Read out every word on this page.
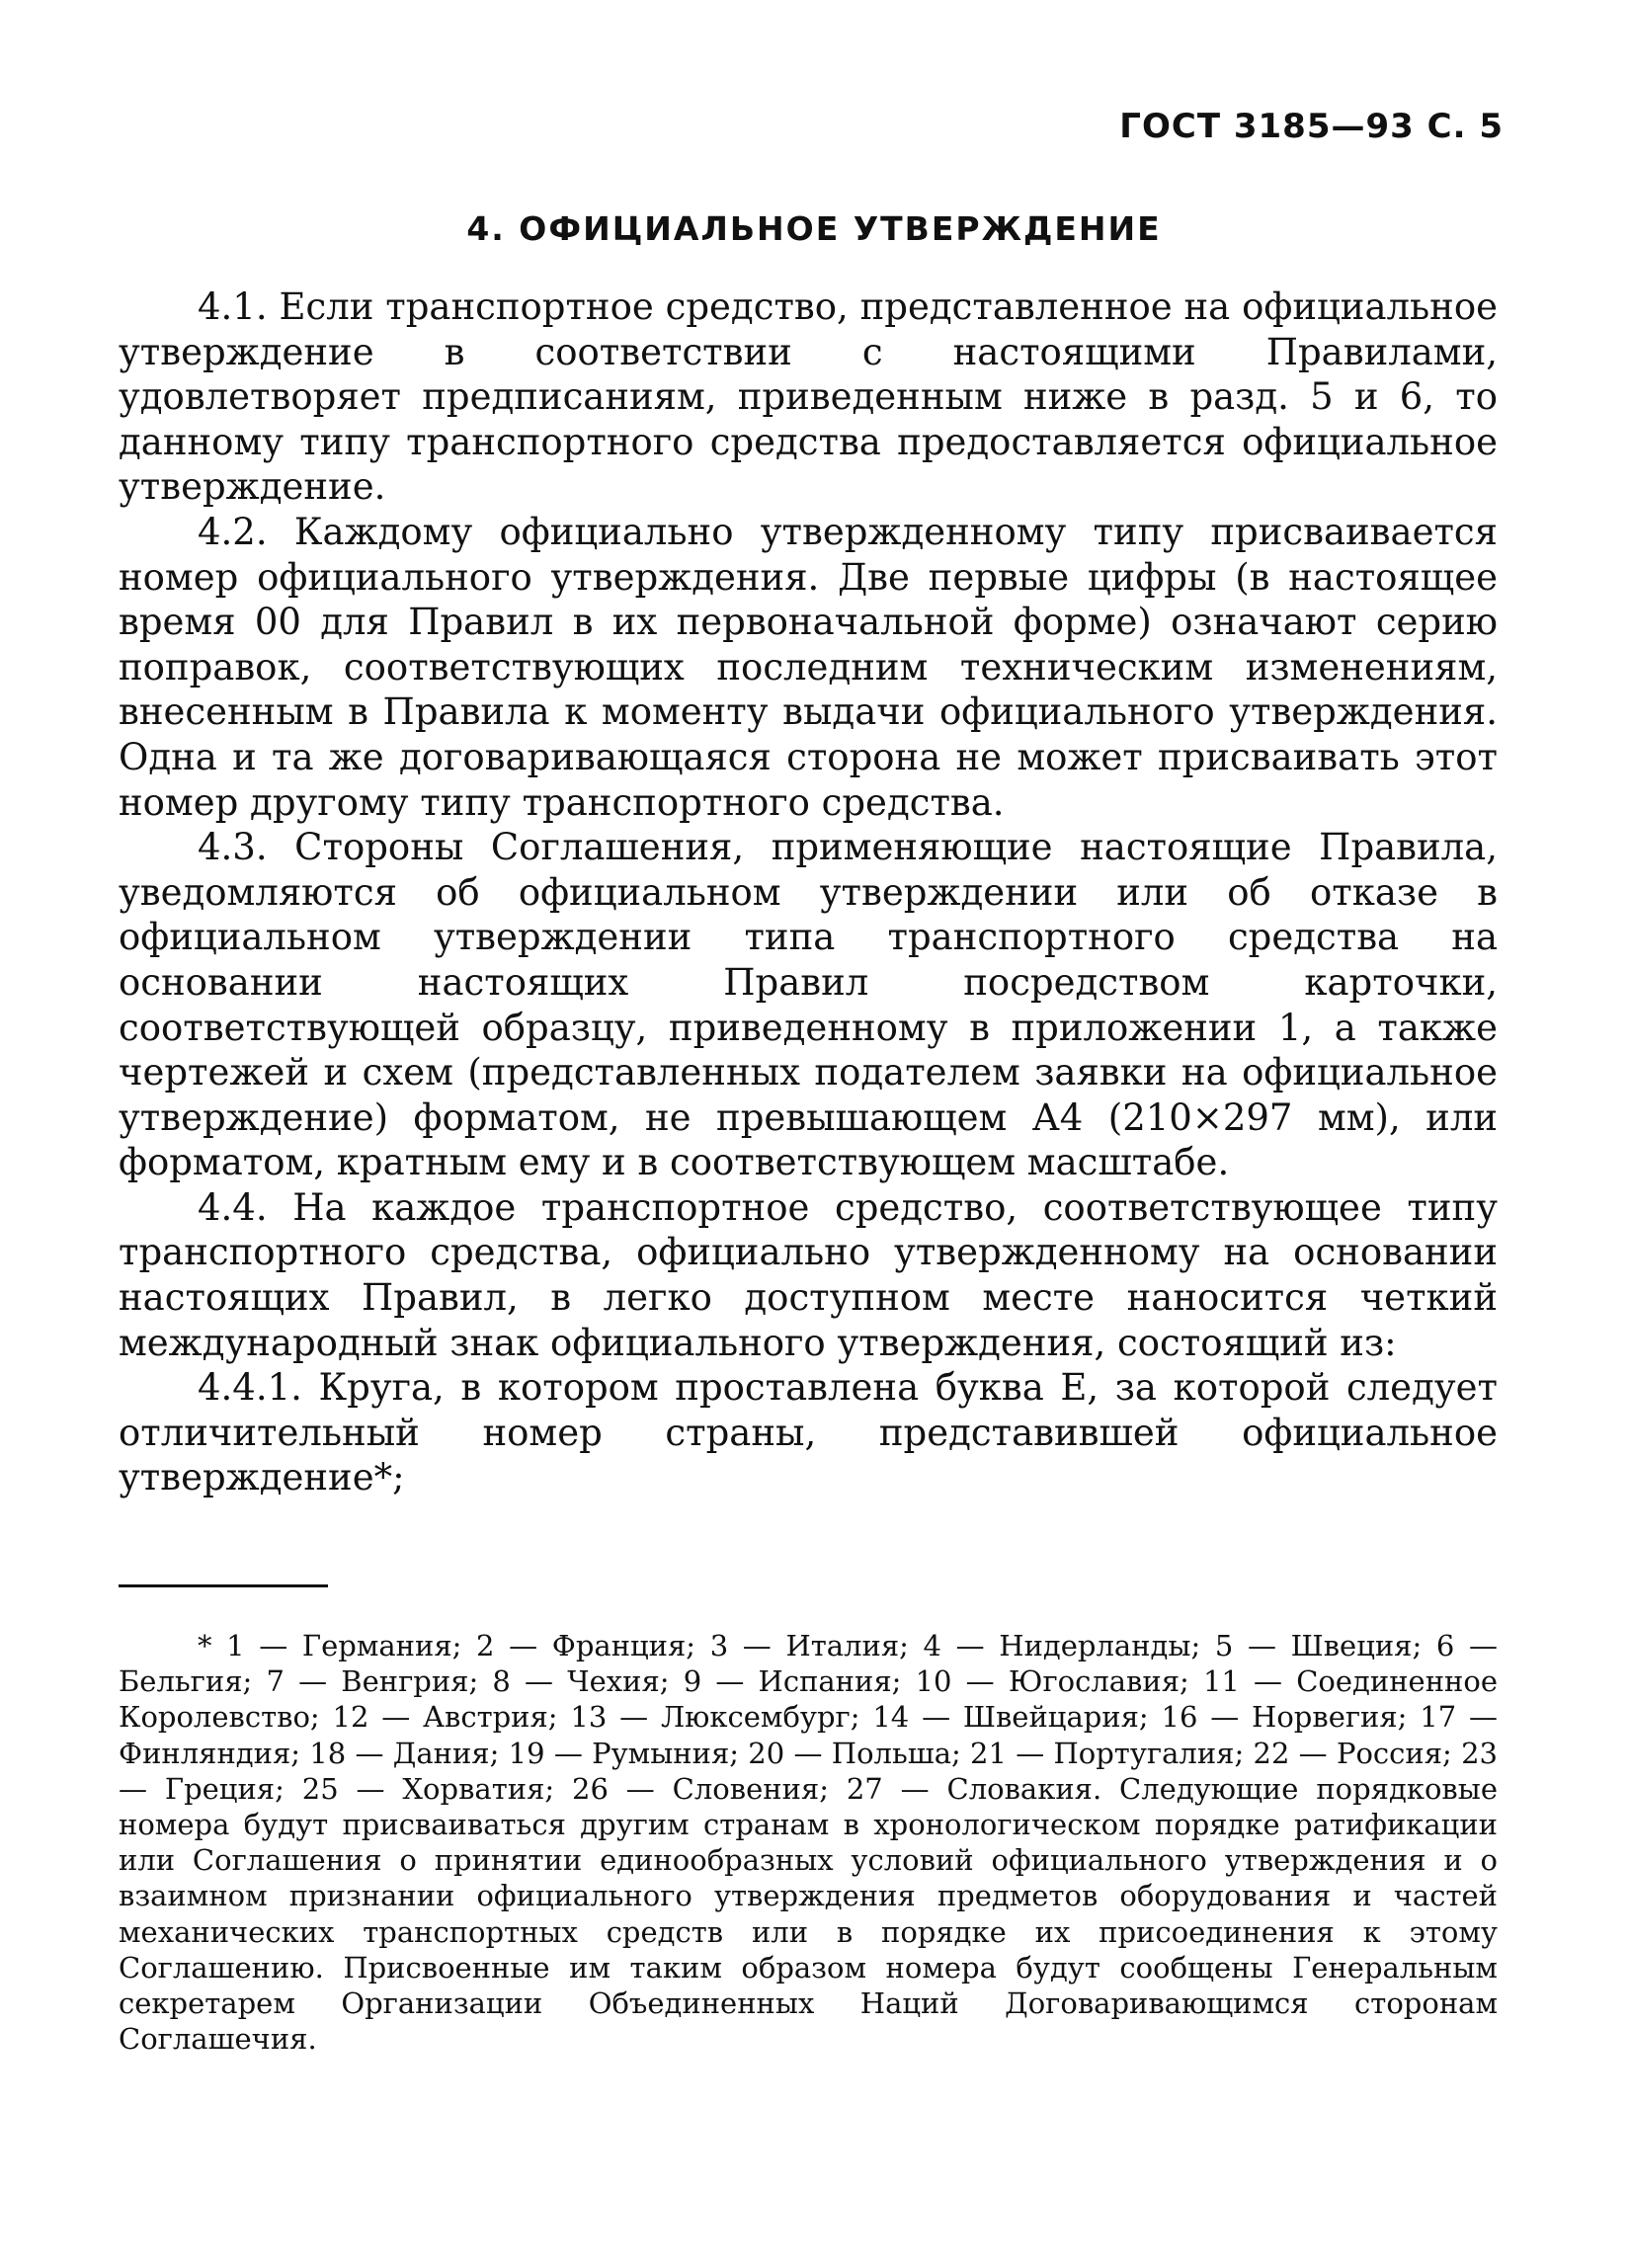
ГОСТ 3185—93 С. 5
4. ОФИЦИАЛЬНОЕ УТВЕРЖДЕНИЕ

4.1. Если транспортное средство, представленное на официальное утверждение в соответствии с настоящими Правилами, удовлетворяет предписаниям, приведенным ниже в разд. 5 и 6, то данному типу транспортного средства предоставляется официальное утверждение.

4.2. Каждому официально утвержденному типу присваивается номер официального утверждения. Две первые цифры (в настоящее время 00 для Правил в их первоначальной форме) означают серию поправок, соответствующих последним техническим изменениям, внесенным в Правила к моменту выдачи официального утверждения. Одна и та же договаривающаяся сторона не может присваивать этот номер другому типу транспортного средства.

4.3. Стороны Соглашения, применяющие настоящие Правила, уведомляются об официальном утверждении или об отказе в официальном утверждении типа транспортного средства на основании настоящих Правил посредством карточки, соответствующей образцу, приведенному в приложении 1, а также чертежей и схем (представленных подателем заявки на официальное утверждение) форматом, не превышающем А4 (210×297 мм), или форматом, кратным ему и в соответствующем масштабе.

4.4. На каждое транспортное средство, соответствующее типу транспортного средства, официально утвержденному на основании настоящих Правил, в легко доступном месте наносится четкий международный знак официального утверждения, состоящий из:

4.4.1. Круга, в котором проставлена буква Е, за которой следует отличительный номер страны, представившей официальное утверждение*;

* 1 — Германия; 2 — Франция; 3 — Италия; 4 — Нидерланды; 5 — Швеция; 6 — Бельгия; 7 — Венгрия; 8 — Чехия; 9 — Испания; 10 — Югославия; 11 — Соединенное Королевство; 12 — Австрия; 13 — Люксембург; 14 — Швейцария; 16 — Норвегия; 17 — Финляндия; 18 — Дания; 19 — Румыния; 20 — Польша; 21 — Португалия; 22 — Россия; 23 — Греция; 25 — Хорватия; 26 — Словения; 27 — Словакия. Следующие порядковые номера будут присваиваться другим странам в хронологическом порядке ратификации или Соглашения о принятии единообразных условий официального утверждения и о взаимном признании официального утверждения предметов оборудования и частей механических транспортных средств или в порядке их присоединения к этому Соглашению. Присвоенные им таким образом номера будут сообщены Генеральным секретарем Организации Объединенных Наций Договаривающимся сторонам Соглашечия.
